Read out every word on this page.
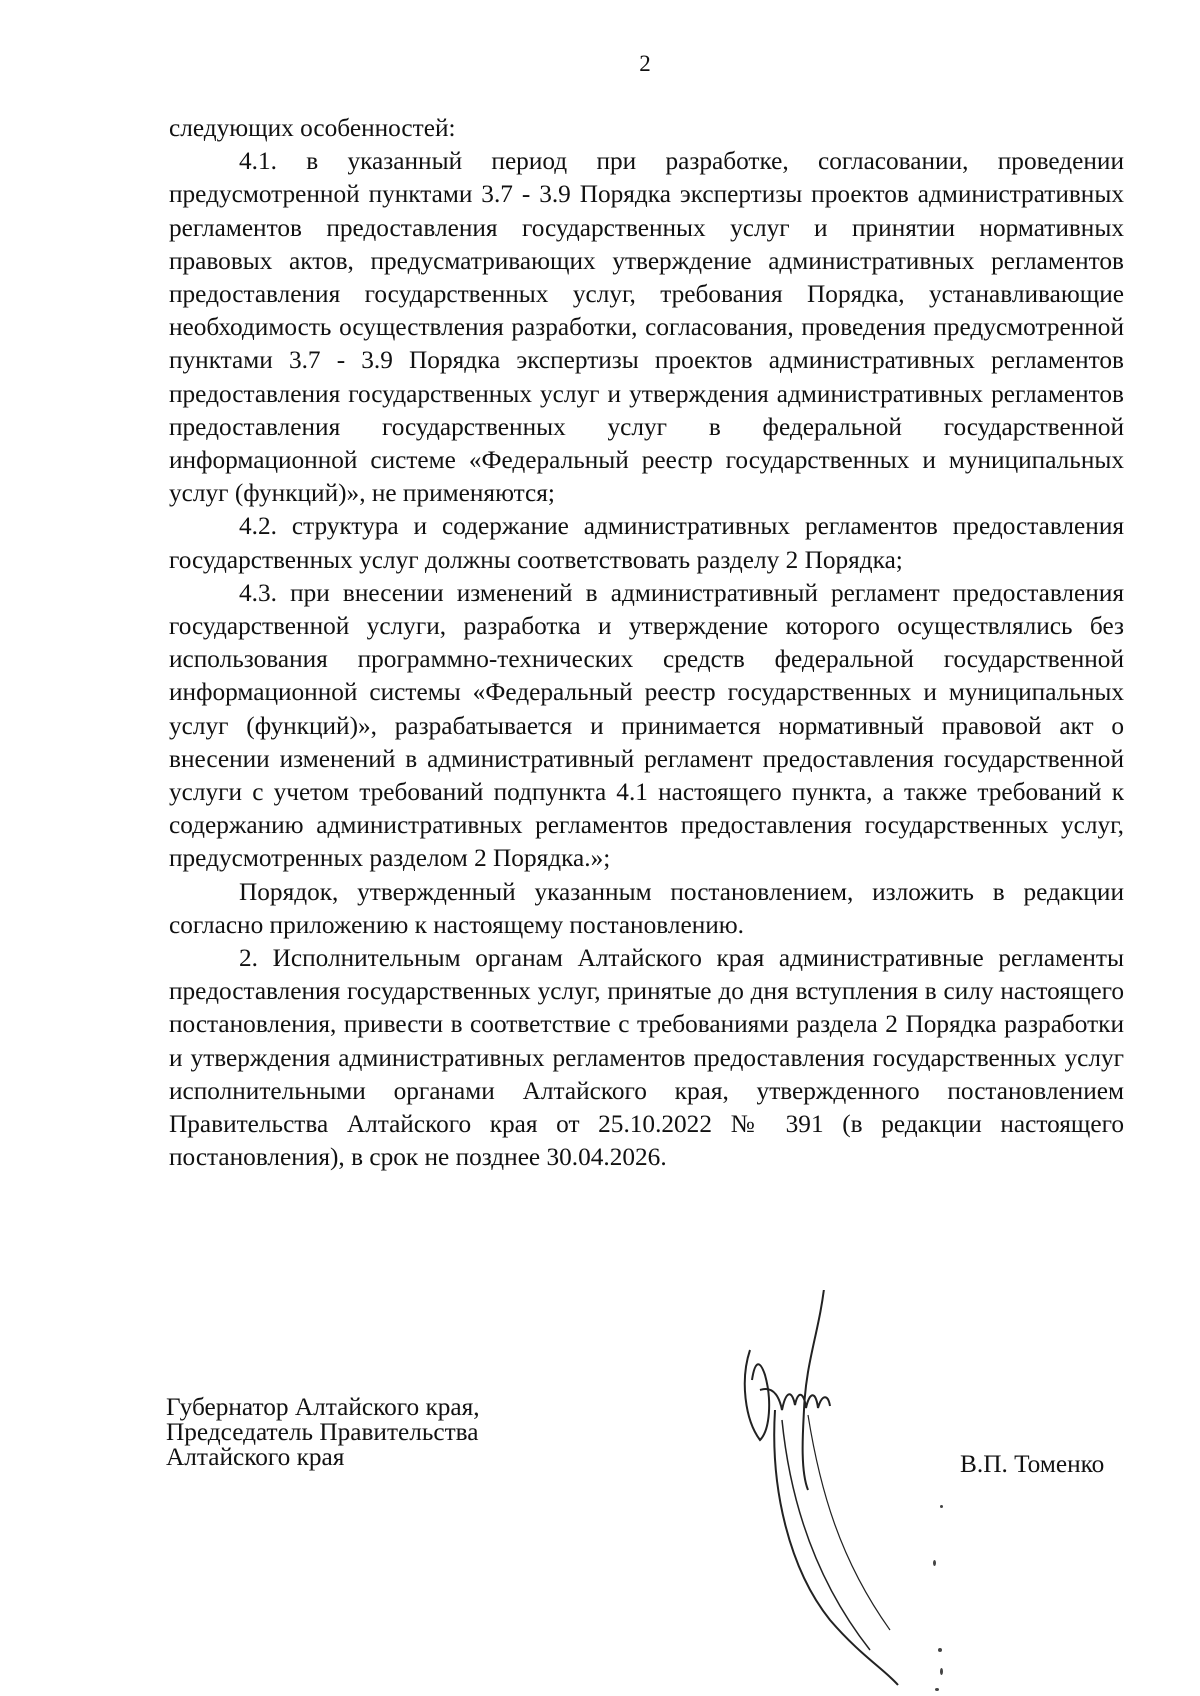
2

следующих особенностей:

4.1. в указанный период при разработке, согласовании, проведении предусмотренной пунктами 3.7 - 3.9 Порядка экспертизы проектов административных регламентов предоставления государственных услуг и принятии нормативных правовых актов, предусматривающих утверждение административных регламентов предоставления государственных услуг, требования Порядка, устанавливающие необходимость осуществления разработки, согласования, проведения предусмотренной пунктами 3.7 - 3.9 Порядка экспертизы проектов административных регламентов предоставления государственных услуг и утверждения административных регламентов предоставления государственных услуг в федеральной государственной информационной системе «Федеральный реестр государственных и муниципальных услуг (функций)», не применяются;

4.2. структура и содержание административных регламентов предоставления государственных услуг должны соответствовать разделу 2 Порядка;

4.3. при внесении изменений в административный регламент предоставления государственной услуги, разработка и утверждение которого осуществлялись без использования программно-технических средств федеральной государственной информационной системы «Федеральный реестр государственных и муниципальных услуг (функций)», разрабатывается и принимается нормативный правовой акт о внесении изменений в административный регламент предоставления государственной услуги с учетом требований подпункта 4.1 настоящего пункта, а также требований к содержанию административных регламентов предоставления государственных услуг, предусмотренных разделом 2 Порядка.»;

Порядок, утвержденный указанным постановлением, изложить в редакции согласно приложению к настоящему постановлению.

2. Исполнительным органам Алтайского края административные регламенты предоставления государственных услуг, принятые до дня вступления в силу настоящего постановления, привести в соответствие с требованиями раздела 2 Порядка разработки и утверждения административных регламентов предоставления государственных услуг исполнительными органами Алтайского края, утвержденного постановлением Правительства Алтайского края от 25.10.2022 № 391 (в редакции настоящего постановления), в срок не позднее 30.04.2026.

Губернатор Алтайского края,
Председатель Правительства
Алтайского края	В.П. Томенко
